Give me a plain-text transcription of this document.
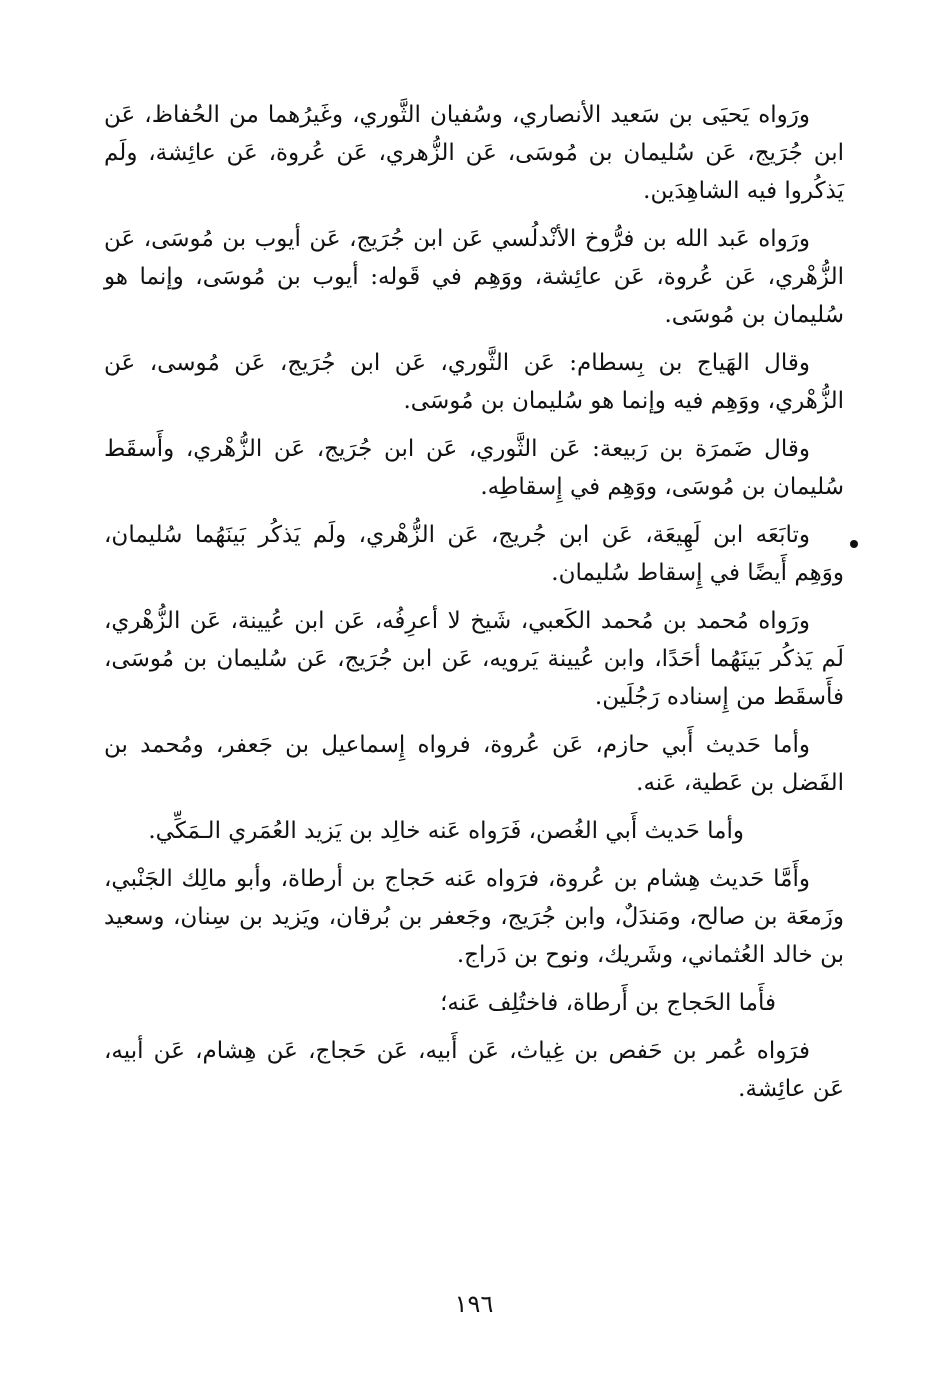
ورَواه يَحيَى بن سَعيد الأنصاري، وسُفيان الثَّوري، وغَيرُهما من الحُفاظ، عَن ابن جُرَيج، عَن سُليمان بن مُوسَى، عَن الزُّهري، عَن عُروة، عَن عائِشة، ولَم يَذكُروا فيه الشاهِدَين.

ورَواه عَبد الله بن فرُّوخ الأنْدلُسي عَن ابن جُرَيج، عَن أيوب بن مُوسَى، عَن الزُّهْري، عَن عُروة، عَن عائِشة، ووَهِم في قَوله: أيوب بن مُوسَى، وإنما هو سُليمان بن مُوسَى.

وقال الهَياج بن بِسطام: عَن الثَّوري، عَن ابن جُرَيج، عَن مُوسى، عَن الزُّهْري، ووَهِم فيه وإنما هو سُليمان بن مُوسَى.

وقال ضَمرَة بن رَبيعة: عَن الثَّوري، عَن ابن جُرَيج، عَن الزُّهْري، وأَسقَط سُليمان بن مُوسَى، ووَهِم في إِسقاطِه.

وتابَعَه ابن لَهِيعَة، عَن ابن جُريج، عَن الزُّهْري، ولَم يَذكُر بَينَهُما سُليمان، ووَهِم أَيضًا في إِسقاط سُليمان.

ورَواه مُحمد بن مُحمد الكَعبي، شَيخ لا أعرِفُه، عَن ابن عُيينة، عَن الزُّهْري، لَم يَذكُر بَينَهُما أحَدًا، وابن عُيينة يَرويه، عَن ابن جُرَيج، عَن سُليمان بن مُوسَى، فأَسقَط من إِسناده رَجُلَين.

وأما حَديث أَبي حازم، عَن عُروة، فرواه إِسماعيل بن جَعفر، ومُحمد بن الفَضل بن عَطية، عَنه.

وأما حَديث أَبي الغُصن، فَرَواه عَنه خالِد بن يَزيد العُمَري الـمَكِّي.

وأَمَّا حَديث هِشام بن عُروة، فرَواه عَنه حَجاج بن أرطاة، وأبو مالِك الجَنْبي، وزَمعَة بن صالح، ومَندَلٌ، وابن جُرَيج، وجَعفر بن بُرقان، ويَزيد بن سِنان، وسعيد بن خالد العُثماني، وشَريك، ونوح بن دَراج.

فأَما الحَجاج بن أَرطاة، فاختُلِف عَنه؛

فرَواه عُمر بن حَفص بن غِياث، عَن أَبيه، عَن حَجاج، عَن هِشام، عَن أبيه، عَن عائِشة.

١٩٦
